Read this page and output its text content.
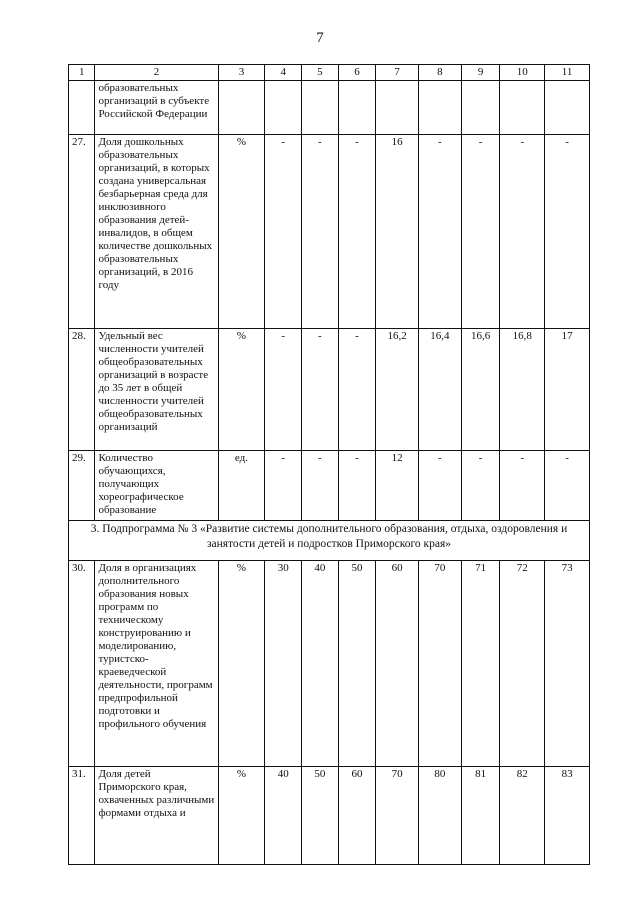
7
1	2	3	4	5	6	7	8	9	10	11
	образовательных организаций в субъекте Российской Федерации									
27.	Доля дошкольных образовательных организаций, в которых создана универсальная безбарьерная среда для инклюзивного образования детей-инвалидов, в общем количестве дошкольных образовательных организаций, в 2016 году	%	-	-	-	16	-	-	-	-
28.	Удельный вес численности учителей общеобразовательных организаций в возрасте до 35 лет в общей численности учителей общеобразовательных организаций	%	-	-	-	16,2	16,4	16,6	16,8	17
29.	Количество обучающихся, получающих хореографическое образование	ед.	-	-	-	12	-	-	-	-
3. Подпрограмма № 3 «Развитие системы дополнительного образования, отдыха, оздоровления и занятости детей и подростков Приморского края»										
30.	Доля в организациях дополнительного образования новых программ по техническому конструированию и моделированию, туристско-краеведческой деятельности, программ предпрофильной подготовки и профильного обучения	%	30	40	50	60	70	71	72	73
31.	Доля детей Приморского края, охваченных различными формами отдыха и	%	40	50	60	70	80	81	82	83
